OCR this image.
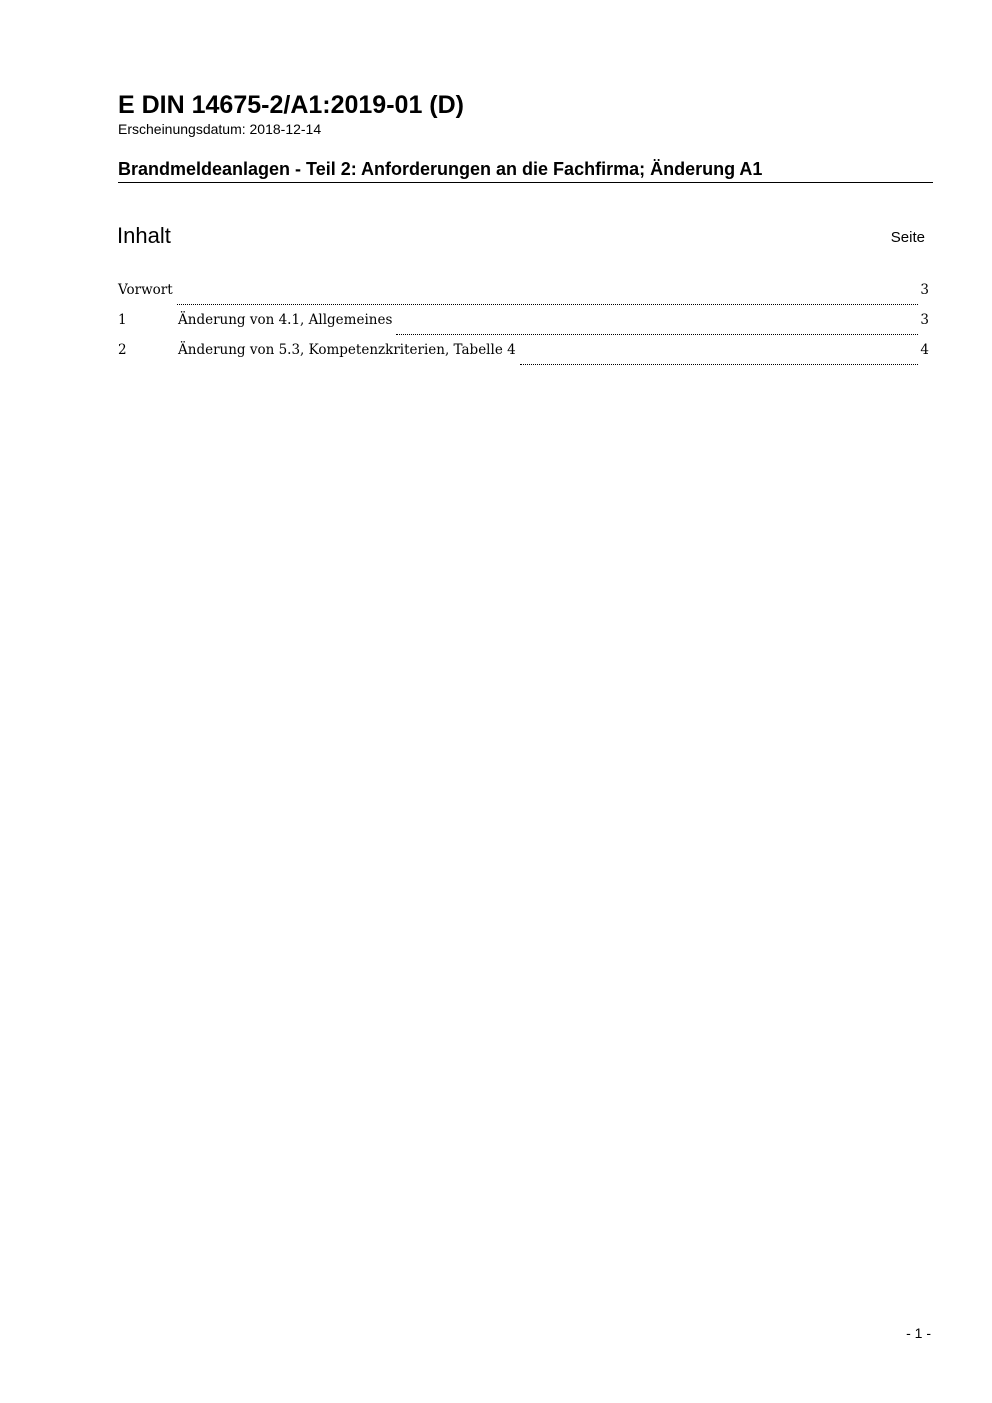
E DIN 14675-2/A1:2019-01 (D)
Erscheinungsdatum: 2018-12-14
Brandmeldeanlagen - Teil 2: Anforderungen an die Fachfirma; Änderung A1
Inhalt	Seite
Vorwort	3
1	Änderung von 4.1, Allgemeines	3
2	Änderung von 5.3, Kompetenzkriterien, Tabelle 4	4
- 1 -
